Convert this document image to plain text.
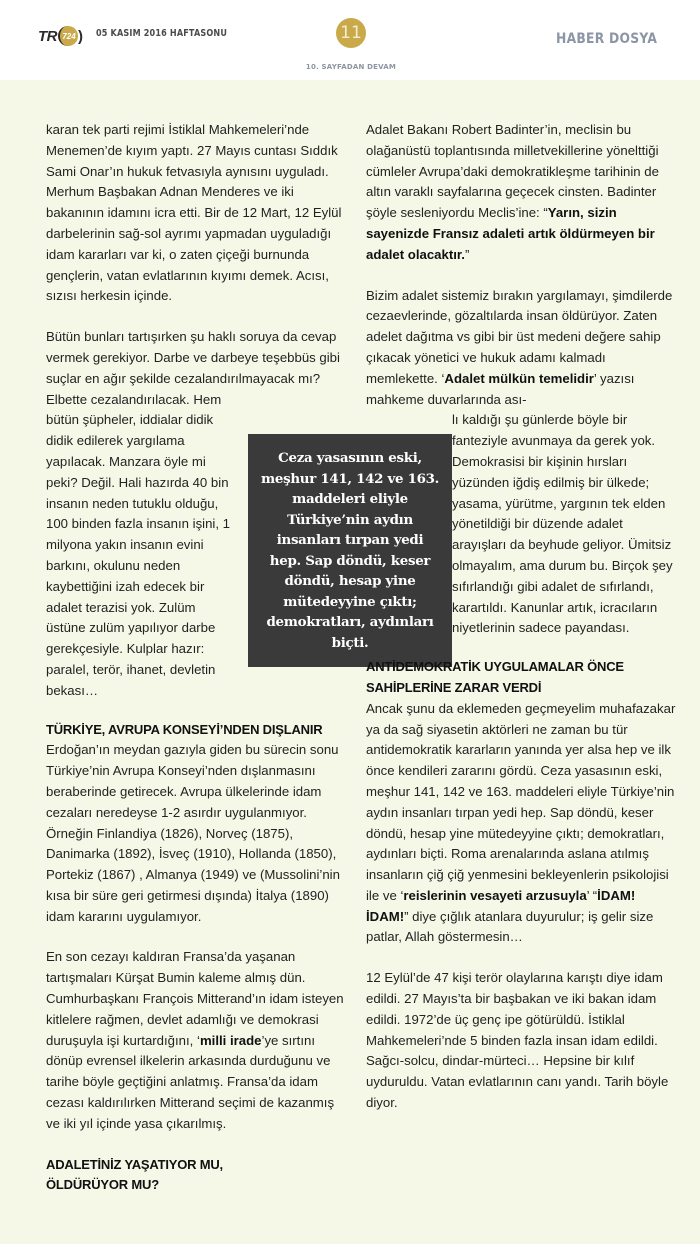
TR 724 ) 05 KASIM 2016 HAFTASONU	11
10. SAYFADAN DEVAM
HABER DOSYA

karan tek parti rejimi İstiklal Mahkemeleri’nde Menemen’de kıyım yaptı. 27 Mayıs cuntası Sıddık Sami Onar’ın hukuk fetvasıyla aynısını uyguladı. Merhum Başbakan Adnan Menderes ve iki bakanının idamını icra etti. Bir de 12 Mart, 12 Eylül darbelerinin sağ-sol ayrımı yapmadan uyguladığı idam kararları var ki, o zaten çiçeği burnunda gençlerin, vatan evlatlarının kıyımı demek. Acısı, sızısı herkesin içinde.

Bütün bunları tartışırken şu haklı soruya da cevap vermek gerekiyor. Darbe ve darbeye teşebbüs gibi suçlar en ağır şekilde cezalandırılmayacak mı? Elbette cezalandırılacak. Hem

bütün şüpheler, iddialar didik didik edilerek yargılama yapılacak. Manzara öyle mi peki? Değil. Hali hazırda 40 bin insanın neden tutuklu olduğu, 100 binden fazla insanın işini, 1 milyona yakın insanın evini barkını, okulunu neden kaybettiğini izah edecek bir adalet terazisi yok. Zulüm üstüne zulüm yapılıyor darbe gerekçesiyle. Kulplar hazır: paralel, terör, ihanet, devletin bekası…

TÜRKİYE, AVRUPA KONSEYİ’NDEN DIŞLANIR

Erdoğan’ın meydan gazıyla giden bu sürecin sonu Türkiye’nin Avrupa Konseyi’nden dışlanmasını beraberinde getirecek. Avrupa ülkelerinde idam cezaları neredeyse 1-2 asırdır uygulanmıyor. Örneğin Finlandiya (1826), Norveç (1875), Danimarka (1892), İsveç (1910), Hollanda (1850), Portekiz (1867) , Almanya (1949) ve (Mussolini’nin kısa bir süre geri getirmesi dışında) İtalya (1890) idam kararını uygulamıyor.

En son cezayı kaldıran Fransa’da yaşanan tartışmaları Kürşat Bumin kaleme almış dün. Cumhurbaşkanı François Mitterand’ın idam isteyen kitlelere rağmen, devlet adamlığı ve demokrasi duruşuyla işi kurtardığını, ‘milli irade’ye sırtını dönüp evrensel ilkelerin arkasında durduğunu ve tarihe böyle geçtiğini anlatmış. Fransa’da idam cezası kaldırılırken Mitterand seçimi de kazanmış ve iki yıl içinde yasa çıkarılmış.

ADALETİNİZ YAŞATIYOR MU, ÖLDÜRÜYOR MU?

Ceza yasasının eski, meşhur 141, 142 ve 163. maddeleri eliyle Türkiye’nin aydın insanları tırpan yedi hep. Sap döndü, keser döndü, hesap yine mütedeyyine çıktı; demokratları, aydınları biçti.

Adalet Bakanı Robert Badinter’in, meclisin bu olağanüstü toplantısında milletvekillerine yönelttiği cümleler Avrupa’daki demokratikleşme tarihinin de altın varaklı sayfalarına geçecek cinsten. Badinter şöyle sesleniyordu Meclis’ine: “Yarın, sizin sayenizde Fransız adaleti artık öldürmeyen bir adalet olacaktır.”

Bizim adalet sistemiz bırakın yargılamayı, şimdilerde cezaevlerinde, gözaltılarda insan öldürüyor. Zaten adelet dağıtma vs gibi bir üst medeni değere sahip çıkacak yönetici ve hukuk adamı kalmadı memlekette. ‘Adalet mülkün temelidir’ yazısı mahkeme duvarlarında ası-

lı kaldığı şu günlerde böyle bir fanteziyle avunmaya da gerek yok. Demokrasisi bir kişinin hırsları yüzünden iğdiş edilmiş bir ülkede; yasama, yürütme, yargının tek elden yönetildiği bir düzende adalet arayışları da beyhude geliyor. Ümitsiz olmayalım, ama durum bu. Birçok şey sıfırlandığı gibi adalet de sıfırlandı, karartıldı. Kanunlar artık, icracıların niyetlerinin sadece payandası.

ANTİDEMOKRATİK UYGULAMALAR ÖNCE SAHİPLERİNE ZARAR VERDİ

Ancak şunu da eklemeden geçmeyelim muhafazakar ya da sağ siyasetin aktörleri ne zaman bu tür antidemokratik kararların yanında yer alsa hep ve ilk önce kendileri zararını gördü. Ceza yasasının eski, meşhur 141, 142 ve 163. maddeleri eliyle Türkiye’nin aydın insanları tırpan yedi hep. Sap döndü, keser döndü, hesap yine mütedeyyine çıktı; demokratları, aydınları biçti. Roma arenalarında aslana atılmış insanların çiğ çiğ yenmesini bekleyenlerin psikolojisi ile ve ‘reislerinin vesayeti arzusuyla’ “İDAM! İDAM!” diye çığlık atanlara duyurulur; iş gelir size patlar, Allah göstermesin…

12 Eylül’de 47 kişi terör olaylarına karıştı diye idam edildi. 27 Mayıs’ta bir başbakan ve iki bakan idam edildi. 1972’de üç genç ipe götürüldü. İstiklal Mahkemeleri’nde 5 binden fazla insan idam edildi. Sağcı-solcu, dindar-mürteci… Hepsine bir kılıf uyduruldu. Vatan evlatlarının canı yandı. Tarih böyle diyor.
